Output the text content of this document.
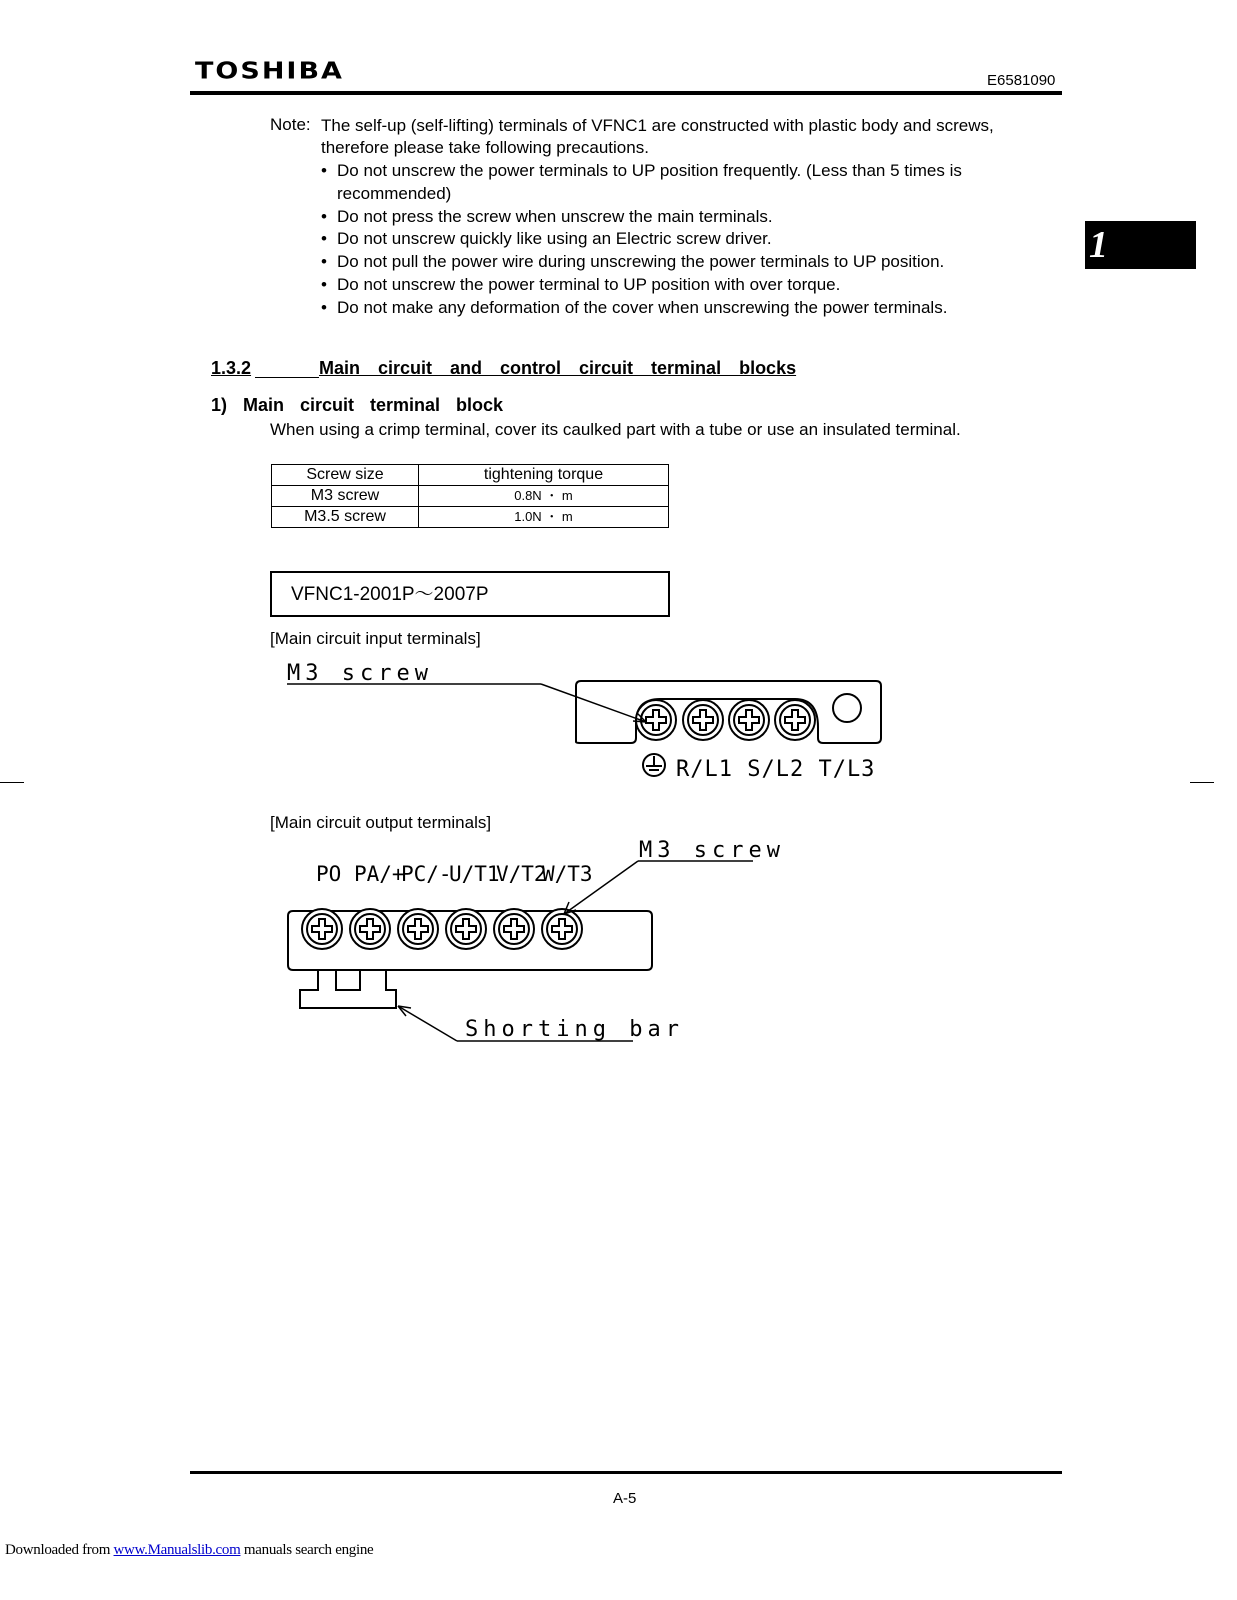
TOSHIBA	E6581090
1
Note: The self-up (self-lifting) terminals of VFNC1 are constructed with plastic body and screws, therefore please take following precautions.
• Do not unscrew the power terminals to UP position frequently. (Less than 5 times is recommended)
• Do not press the screw when unscrew the main terminals.
• Do not unscrew quickly like using an Electric screw driver.
• Do not pull the power wire during unscrewing the power terminals to UP position.
• Do not unscrew the power terminal to UP position with over torque.
• Do not make any deformation of the cover when unscrewing the power terminals.
1.3.2	Main  circuit  and  control  circuit  terminal  blocks
1)  Main  circuit  terminal  block
When using a crimp terminal, cover its caulked part with a tube or use an insulated terminal.
Screw size	tightening torque
M3 screw	0.8N ・ m
M3.5 screw	1.0N ・ m
VFNC1-2001P～2007P
[Main circuit input terminals]
[Main circuit output terminals]
M3 screw
R/L1 S/L2 T/L3
PO PA/+
PC/-
U/T1
V/T2
W/T3
M3 screw
Shorting bar
A-5
Downloaded from www.Manualslib.com manuals search engine
